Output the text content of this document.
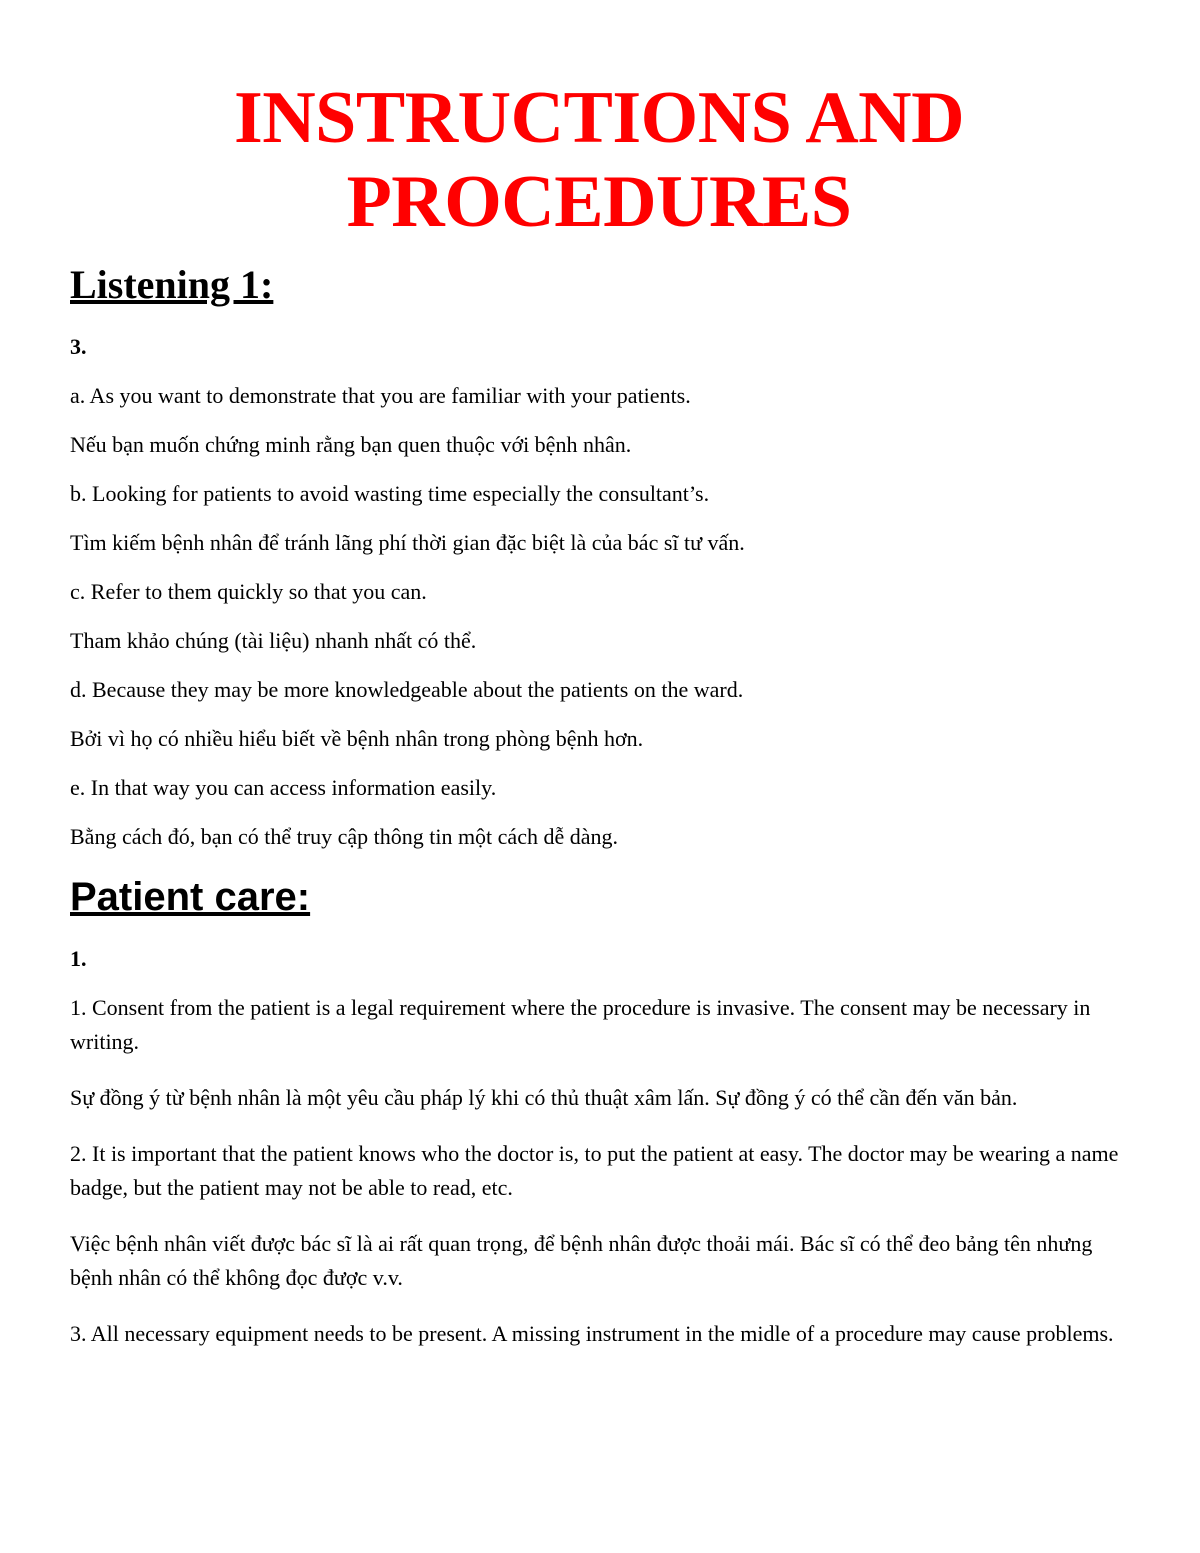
INSTRUCTIONS AND
PROCEDURES
Listening 1:
3.

a. As you want to demonstrate that you are familiar with your patients.

Nếu bạn muốn chứng minh rằng bạn quen thuộc với bệnh nhân.

b. Looking for patients to avoid wasting time especially the consultant’s.

Tìm kiếm bệnh nhân để tránh lãng phí thời gian đặc biệt là của bác sĩ tư vấn.

c. Refer to them quickly so that you can.

Tham khảo chúng (tài liệu) nhanh nhất có thể.

d. Because they may be more knowledgeable about the patients on the ward.

Bởi vì họ có nhiều hiểu biết về bệnh nhân trong phòng bệnh hơn.

e. In that way you can access information easily.

Bằng cách đó, bạn có thể truy cập thông tin một cách dễ dàng.

Patient care:
1.

1. Consent from the patient is a legal requirement where the procedure is invasive. The consent may be necessary in writing.

Sự đồng ý từ bệnh nhân là một yêu cầu pháp lý khi có thủ thuật xâm lấn. Sự đồng ý có thể cần đến văn bản.

2. It is important that the patient knows who the doctor is, to put the patient at easy. The doctor may be wearing a name badge, but the patient may not be able to read, etc.

Việc bệnh nhân viết được bác sĩ là ai rất quan trọng, để bệnh nhân được thoải mái. Bác sĩ có thể đeo bảng tên nhưng bệnh nhân có thể không đọc được v.v.

3. All necessary equipment needs to be present. A missing instrument in the midle of a procedure may cause problems.
